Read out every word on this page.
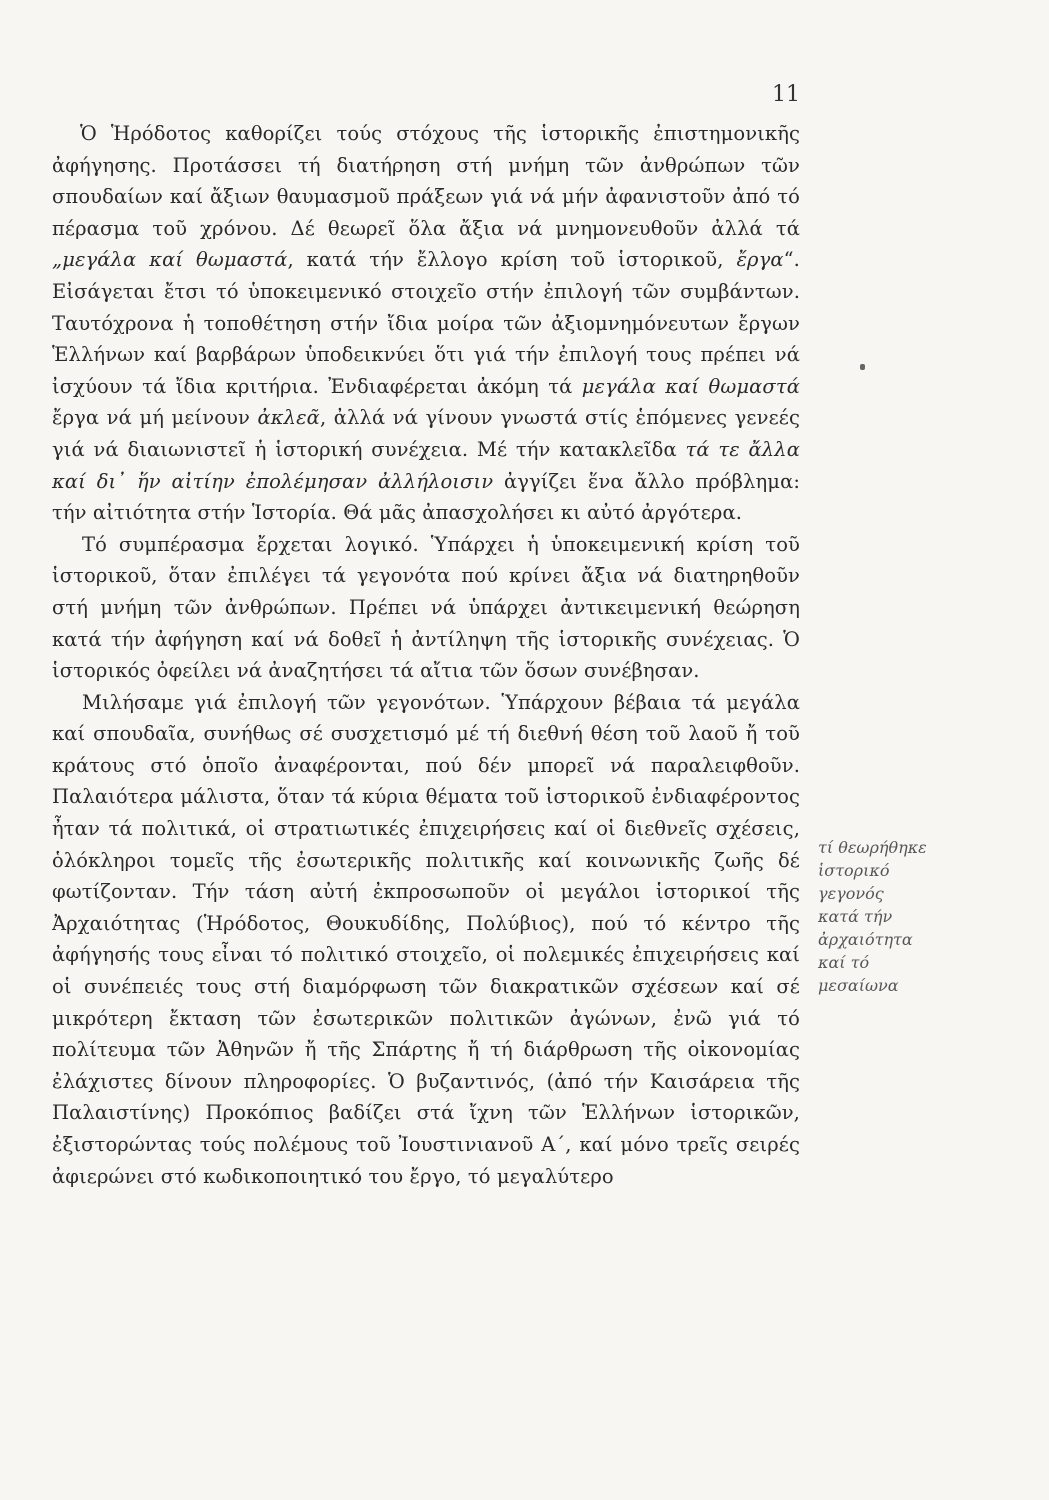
11

Ὁ Ἡρόδοτος καθορίζει τούς στόχους τῆς ἱστορικῆς ἐπιστημονικῆς ἀφήγησης. Προτάσσει τή διατήρηση στή μνήμη τῶν ἀνθρώπων τῶν σπουδαίων καί ἄξιων θαυμασμοῦ πράξεων γιά νά μήν ἀφανιστοῦν ἀπό τό πέρασμα τοῦ χρόνου. Δέ θεωρεῖ ὅλα ἄξια νά μνημονευθοῦν ἀλλά τά „μεγάλα καί θωμαστά, κατά τήν ἔλλογο κρίση τοῦ ἱστορικοῦ, ἔργα“. Εἰσάγεται ἔτσι τό ὑποκειμενικό στοιχεῖο στήν ἐπιλογή τῶν συμβάντων. Ταυτόχρονα ἡ τοποθέτηση στήν ἴδια μοίρα τῶν ἀξιομνημόνευτων ἔργων Ἑλλήνων καί βαρβάρων ὑποδεικνύει ὅτι γιά τήν ἐπιλογή τους πρέπει νά ἰσχύουν τά ἴδια κριτήρια. Ἐνδιαφέρεται ἀκόμη τά μεγάλα καί θωμαστά ἔργα νά μή μείνουν ἀκλεᾶ, ἀλλά νά γίνουν γνωστά στίς ἑπόμενες γενεές γιά νά διαιωνιστεῖ ἡ ἱστορική συνέχεια. Μέ τήν κατακλεῖδα τά τε ἄλλα καί δι᾽ ἥν αἰτίην ἐπολέμησαν ἀλλήλοισιν ἀγγίζει ἕνα ἄλλο πρόβλημα: τήν αἰτιότητα στήν Ἱστορία. Θά μᾶς ἀπασχολήσει κι αὐτό ἀργότερα.

Τό συμπέρασμα ἔρχεται λογικό. Ὑπάρχει ἡ ὑποκειμενική κρίση τοῦ ἱστορικοῦ, ὅταν ἐπιλέγει τά γεγονότα πού κρίνει ἄξια νά διατηρηθοῦν στή μνήμη τῶν ἀνθρώπων. Πρέπει νά ὑπάρχει ἀντικειμενική θεώρηση κατά τήν ἀφήγηση καί νά δοθεῖ ἡ ἀντίληψη τῆς ἱστορικῆς συνέχειας. Ὁ ἱστορικός ὀφείλει νά ἀναζητήσει τά αἴτια τῶν ὅσων συνέβησαν.

Μιλήσαμε γιά ἐπιλογή τῶν γεγονότων. Ὑπάρχουν βέβαια τά μεγάλα καί σπουδαῖα, συνήθως σέ συσχετισμό μέ τή διεθνή θέση τοῦ λαοῦ ἤ τοῦ κράτους στό ὁποῖο ἀναφέρονται, πού δέν μπορεῖ νά παραλειφθοῦν. Παλαιότερα μάλιστα, ὅταν τά κύρια θέματα τοῦ ἱστορικοῦ ἐνδιαφέροντος ἦταν τά πολιτικά, οἱ στρατιωτικές ἐπιχειρήσεις καί οἱ διεθνεῖς σχέσεις, ὁλόκληροι τομεῖς τῆς ἐσωτερικῆς πολιτικῆς καί κοινωνικῆς ζωῆς δέ φωτίζονταν. Τήν τάση αὐτή ἐκπροσωποῦν οἱ μεγάλοι ἱστορικοί τῆς Ἀρχαιότητας (Ἡρόδοτος, Θουκυδίδης, Πολύβιος), πού τό κέντρο τῆς ἀφήγησής τους εἶναι τό πολιτικό στοιχεῖο, οἱ πολεμικές ἐπιχειρήσεις καί οἱ συνέπειές τους στή διαμόρφωση τῶν διακρατικῶν σχέσεων καί σέ μικρότερη ἔκταση τῶν ἐσωτερικῶν πολιτικῶν ἀγώνων, ἐνῶ γιά τό πολίτευμα τῶν Ἀθηνῶν ἤ τῆς Σπάρτης ἤ τή διάρθρωση τῆς οἰκονομίας ἐλάχιστες δίνουν πληροφορίες. Ὁ βυζαντινός, (ἀπό τήν Καισάρεια τῆς Παλαιστίνης) Προκόπιος βαδίζει στά ἴχνη τῶν Ἑλλήνων ἱστορικῶν, ἐξιστορώντας τούς πολέμους τοῦ Ἰουστινιανοῦ Α΄, καί μόνο τρεῖς σειρές ἀφιερώνει στό κωδικοποιητικό του ἔργο, τό μεγαλύτερο

τί θεωρήθηκε
ἱστορικό
γεγονός
κατά τήν
ἀρχαιότητα
καί τό
μεσαίωνα
